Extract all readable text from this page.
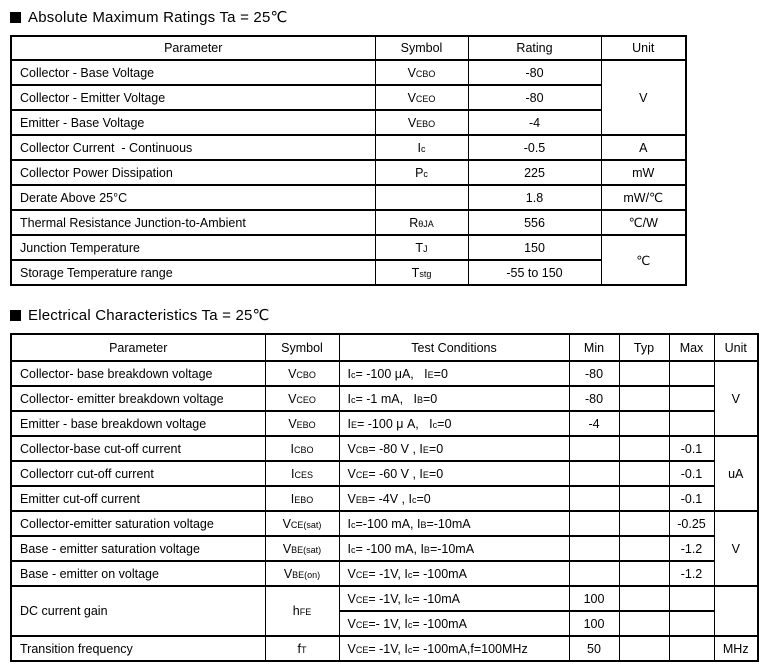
Absolute Maximum Ratings Ta = 25℃
Parameter	Symbol	Rating	Unit
Collector - Base Voltage	VCBO	-80	V
Collector - Emitter Voltage	VCEO	-80	
Emitter - Base Voltage	VEBO	-4	
Collector Current  - Continuous	Ic	-0.5	A
Collector Power Dissipation	Pc	225	mW
Derate Above 25°C		1.8	mW/℃
Thermal Resistance Junction-to-Ambient	RθJA	556	℃/W
Junction Temperature	TJ	150	℃
Storage Temperature range	Tstg	-55 to 150	
Electrical Characteristics Ta = 25℃
Parameter	Symbol	Test Conditions	Min	Typ	Max	Unit
Collector- base breakdown voltage	VCBO	Ic= -100 μA,   IE=0	-80			V
Collector- emitter breakdown voltage	VCEO	Ic= -1 mA,   IB=0	-80			
Emitter - base breakdown voltage	VEBO	IE= -100 μ A,   Ic=0	-4			
Collector-base cut-off current	ICBO	VCB= -80 V , IE=0			-0.1	uA
Collectorr cut-off current	ICES	VCE= -60 V , IE=0			-0.1	
Emitter cut-off current	IEBO	VEB= -4V , Ic=0			-0.1	
Collector-emitter saturation voltage	VCE(sat)	Ic=-100 mA, IB=-10mA			-0.25	V
Base - emitter saturation voltage	VBE(sat)	Ic= -100 mA, IB=-10mA			-1.2	
Base - emitter on voltage	VBE(on)	VCE= -1V, Ic= -100mA			-1.2	
DC current gain	hFE	VCE= -1V, Ic= -10mA	100			
		VCE=- 1V, Ic= -100mA	100			
Transition frequency	fT	VCE= -1V, Ic= -100mA,f=100MHz	50			MHz
